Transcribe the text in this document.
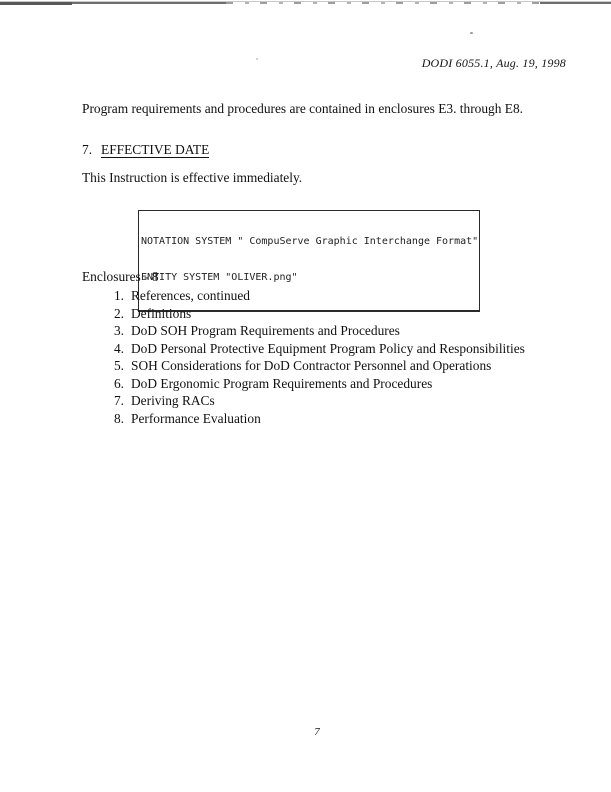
DODI 6055.1, Aug. 19, 1998
Program requirements and procedures are contained in enclosures E3. through E8.
7. EFFECTIVE DATE
This Instruction is effective immediately.

NOTATION SYSTEM " CompuServe Graphic Interchange Format"

ENTITY SYSTEM "OLIVER.png"

Enclosures - 8
1. References, continued
2. Definitions
3. DoD SOH Program Requirements and Procedures
4. DoD Personal Protective Equipment Program Policy and Responsibilities
5. SOH Considerations for DoD Contractor Personnel and Operations
6. DoD Ergonomic Program Requirements and Procedures
7. Deriving RACs
8. Performance Evaluation
7
